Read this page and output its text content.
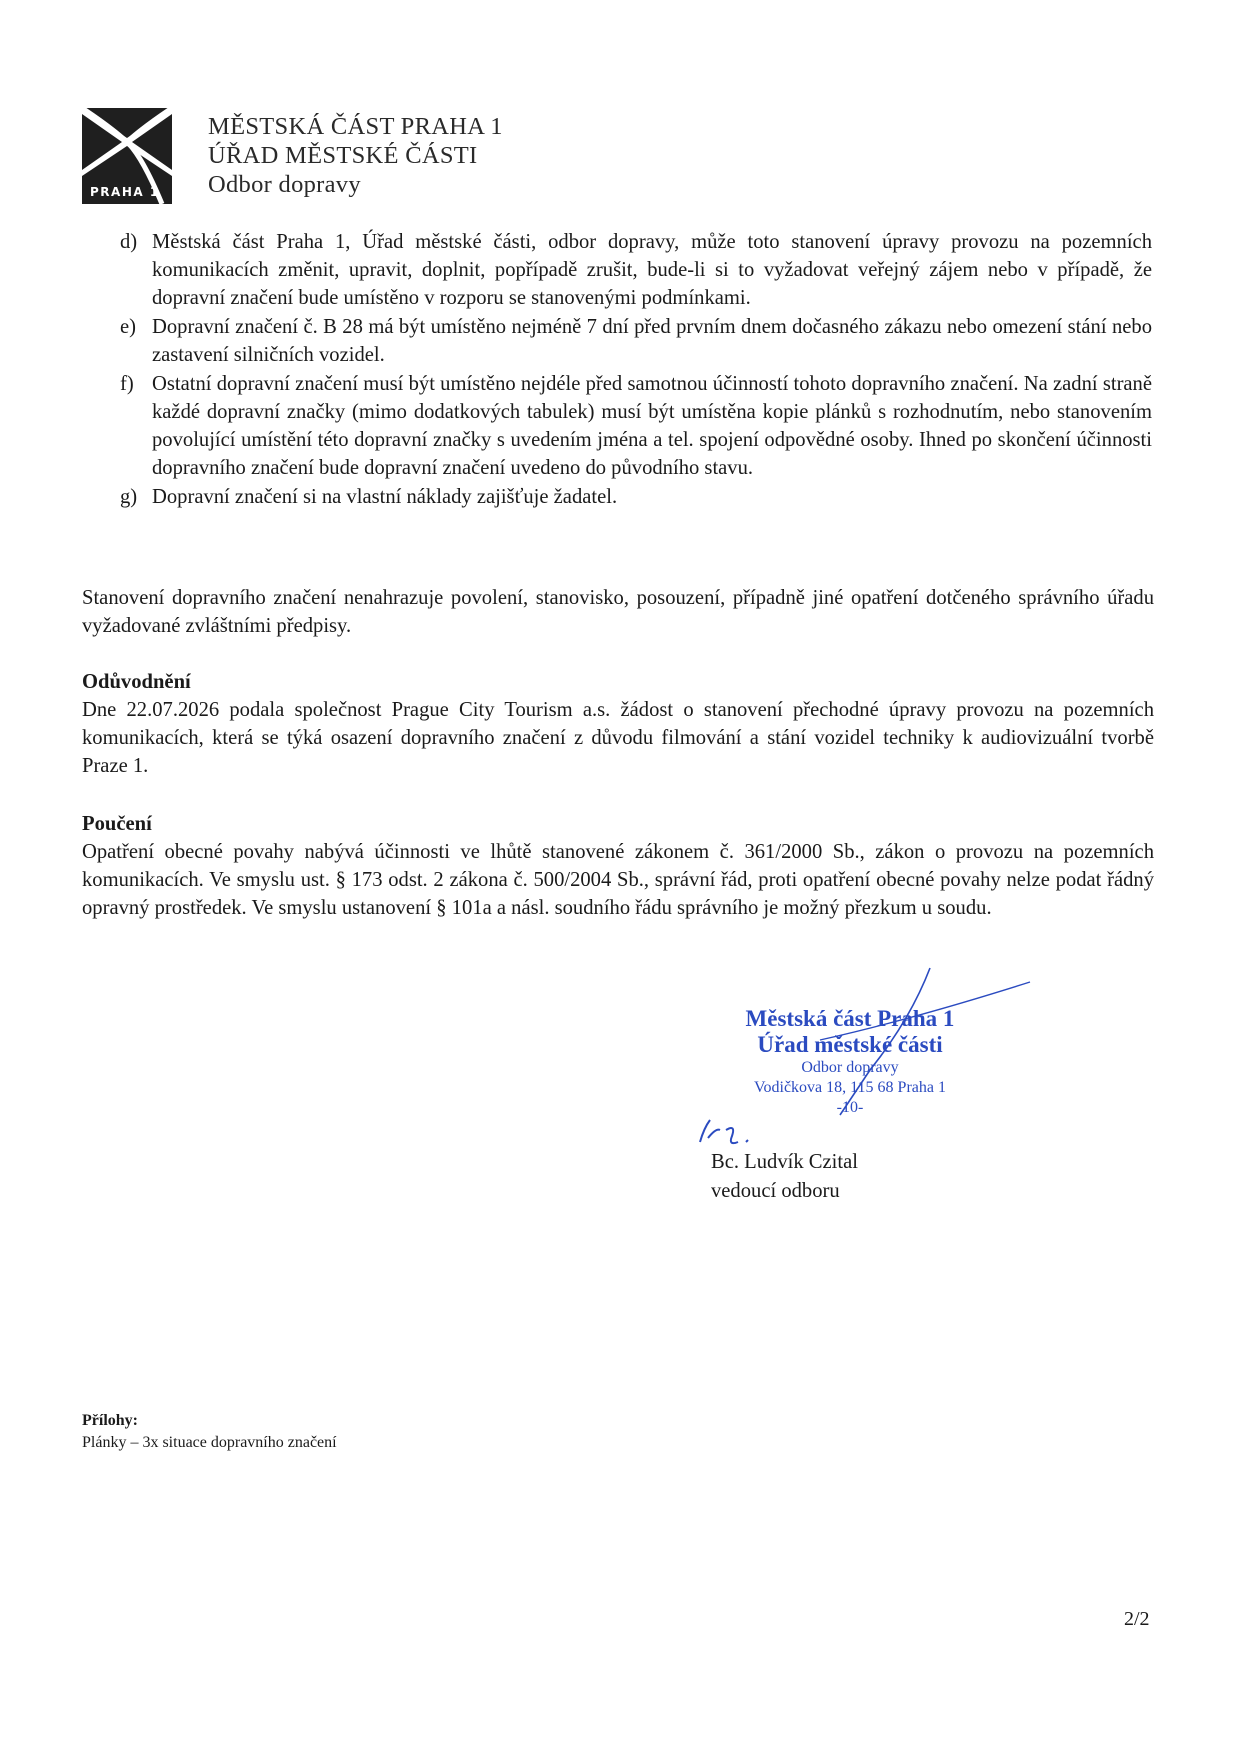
PRAHA 1
MĚSTSKÁ ČÁST PRAHA 1
ÚŘAD MĚSTSKÉ ČÁSTI
Odbor dopravy
d) Městská část Praha 1, Úřad městské části, odbor dopravy, může toto stanovení úpravy provozu na pozemních komunikacích změnit, upravit, doplnit, popřípadě zrušit, bude-li si to vyžadovat veřejný zájem nebo v případě, že dopravní značení bude umístěno v rozporu se stanovenými podmínkami.
e) Dopravní značení č. B 28 má být umístěno nejméně 7 dní před prvním dnem dočasného zákazu nebo omezení stání nebo zastavení silničních vozidel.
f) Ostatní dopravní značení musí být umístěno nejdéle před samotnou účinností tohoto dopravního značení. Na zadní straně každé dopravní značky (mimo dodatkových tabulek) musí být umístěna kopie plánků s rozhodnutím, nebo stanovením povolující umístění této dopravní značky s uvedením jména a tel. spojení odpovědné osoby. Ihned po skončení účinnosti dopravního značení bude dopravní značení uvedeno do původního stavu.
g) Dopravní značení si na vlastní náklady zajišťuje žadatel.
Stanovení dopravního značení nenahrazuje povolení, stanovisko, posouzení, případně jiné opatření dotčeného správního úřadu vyžadované zvláštními předpisy.
Odůvodnění
Dne 22.07.2026 podala společnost Prague City Tourism a.s. žádost o stanovení přechodné úpravy provozu na pozemních komunikacích, která se týká osazení dopravního značení z důvodu filmování a stání vozidel techniky k audiovizuální tvorbě Praze 1.
Poučení
Opatření obecné povahy nabývá účinnosti ve lhůtě stanovené zákonem č. 361/2000 Sb., zákon o provozu na pozemních komunikacích. Ve smyslu ust. § 173 odst. 2 zákona č. 500/2004 Sb., správní řád, proti opatření obecné povahy nelze podat řádný opravný prostředek. Ve smyslu ustanovení § 101a a násl. soudního řádu správního je možný přezkum u soudu.
Městská část Praha 1
Úřad městské části
Odbor dopravy
Vodičkova 18, 115 68 Praha 1
-10-
Bc. Ludvík Czital
vedoucí odboru
Přílohy:
Plánky – 3x situace dopravního značení
2/2
